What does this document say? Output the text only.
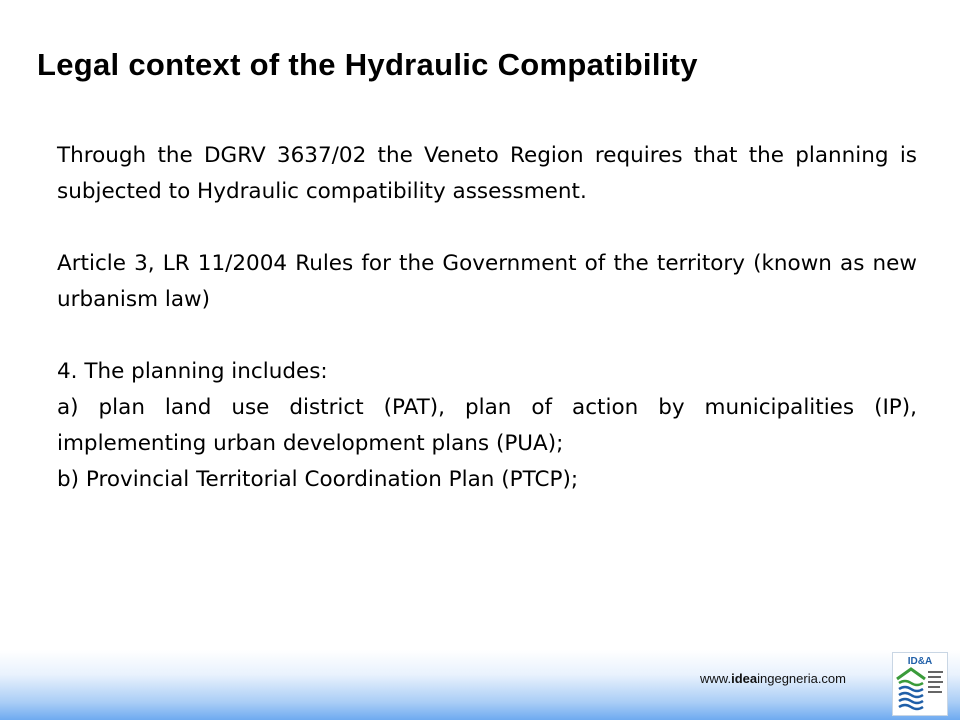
Legal context of the Hydraulic Compatibility

Through the DGRV 3637/02 the Veneto Region requires that the planning is subjected to Hydraulic compatibility assessment.

Article 3, LR 11/2004 Rules for the Government of the territory (known as new urbanism law)

4. The planning includes:

a) plan land use district (PAT), plan of action by municipalities (IP), implementing urban development plans (PUA);

b) Provincial Territorial Coordination Plan (PTCP);

www.ideaingegneria.com
ID&A
